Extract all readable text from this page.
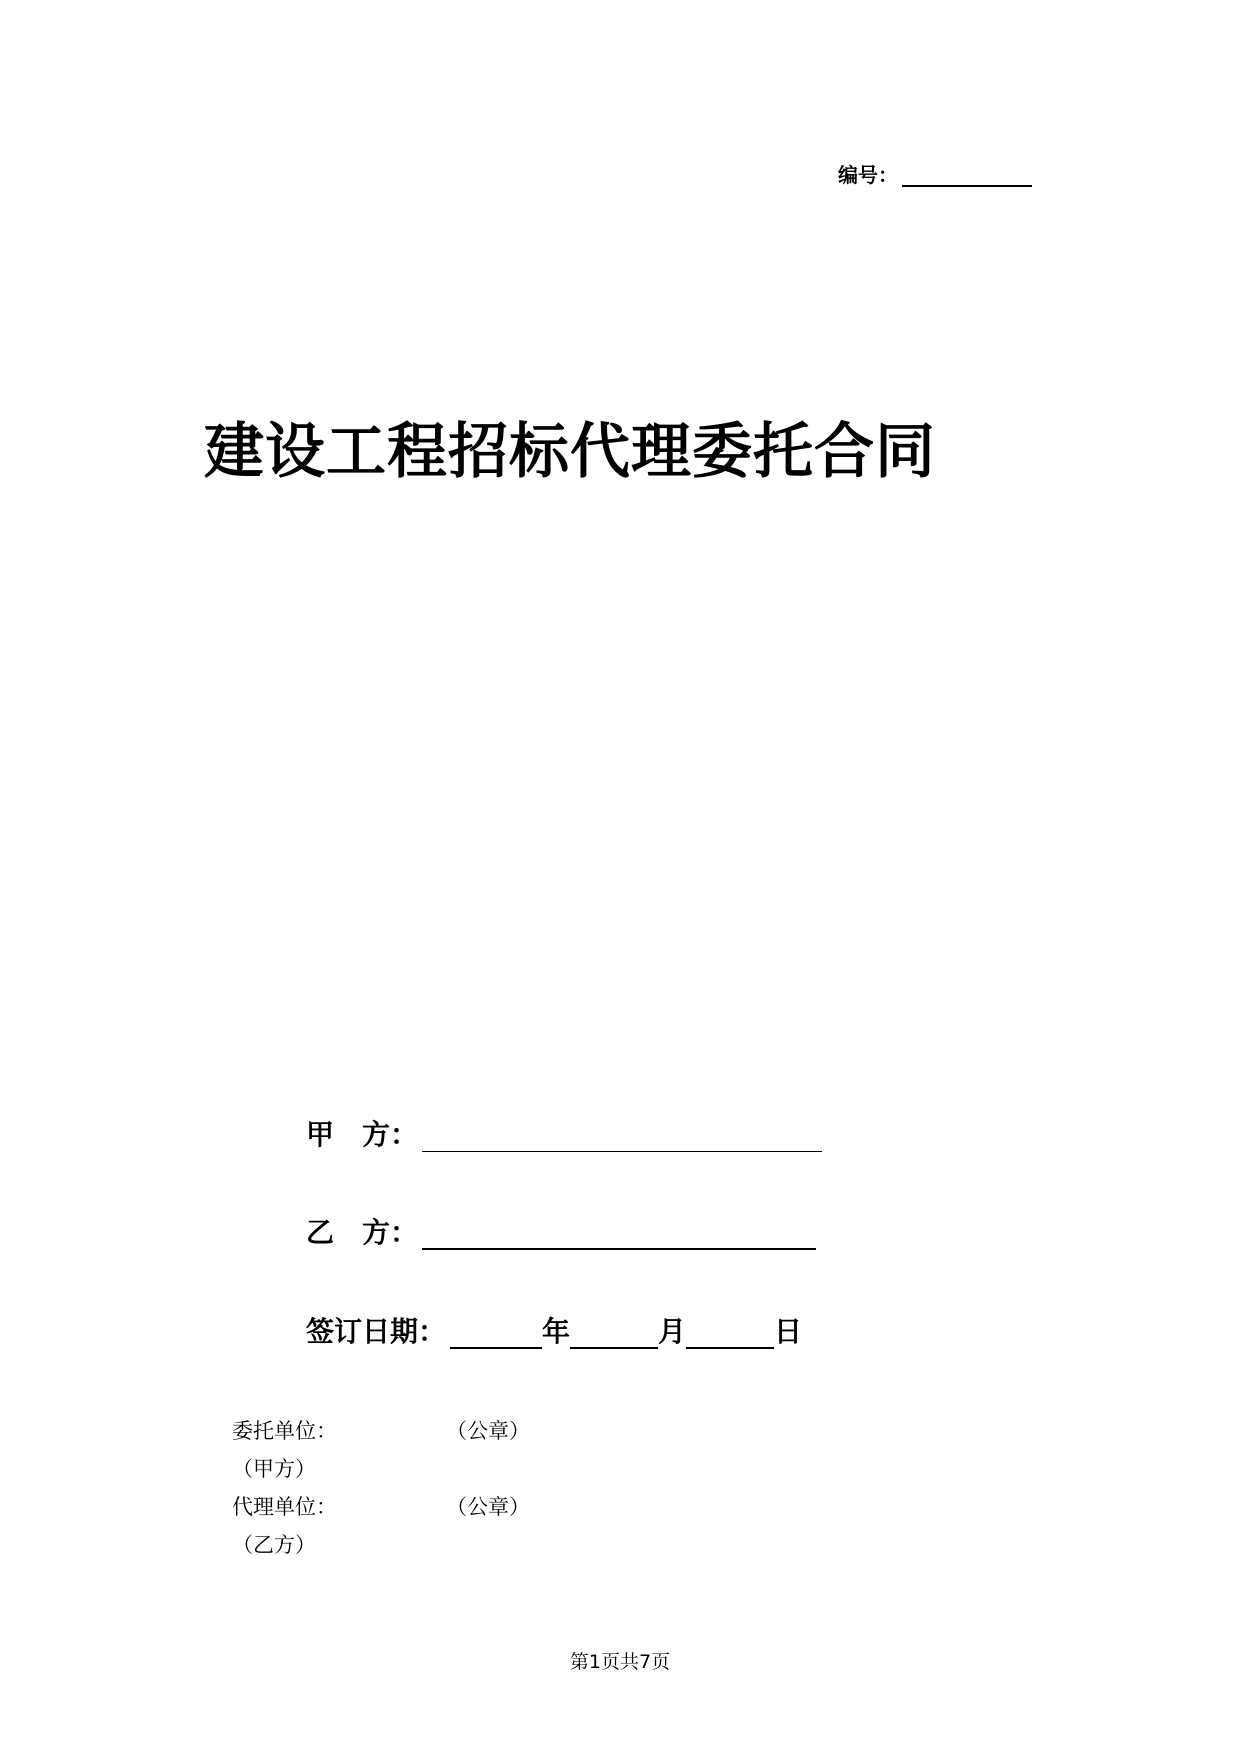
编号：
建设工程招标代理委托合同
甲 方：
乙 方：
签订日期：	年	月	日
委托单位：	（公章）
（甲方）
代理单位：	（公章）
（乙方）
第1页共7页
